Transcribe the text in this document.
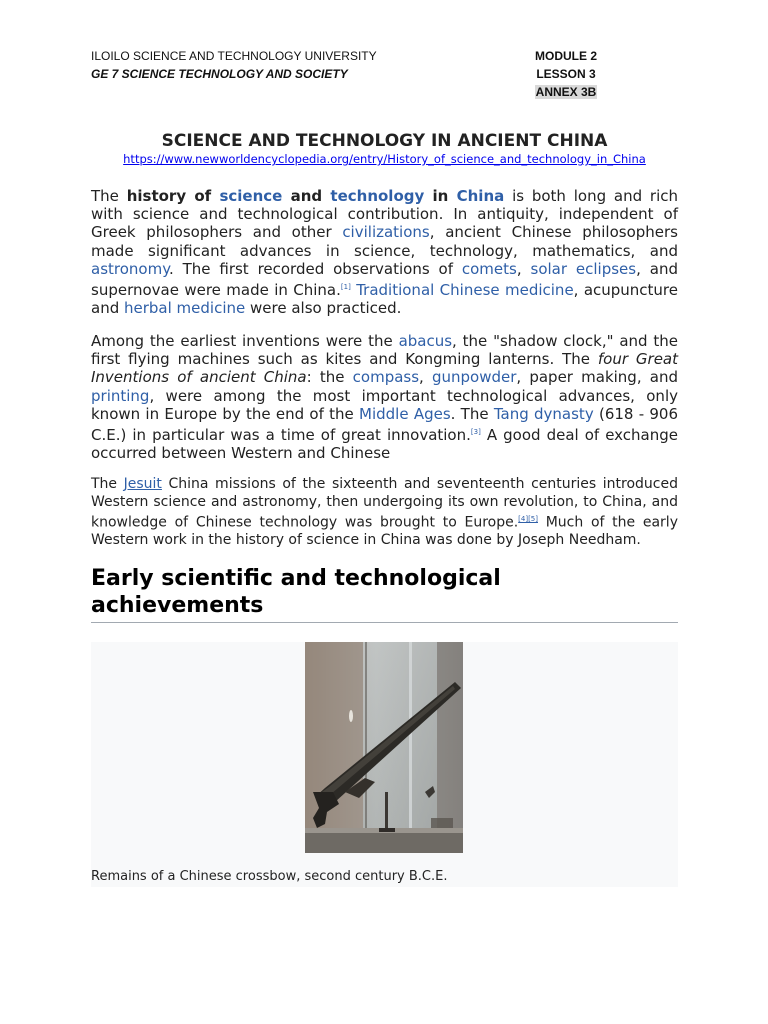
ILOILO SCIENCE AND TECHNOLOGY UNIVERSITY
GE 7 SCIENCE TECHNOLOGY AND SOCIETY
MODULE 2
LESSON 3
ANNEX 3B
SCIENCE AND TECHNOLOGY IN ANCIENT CHINA
https://www.newworldencyclopedia.org/entry/History_of_science_and_technology_in_China
The history of science and technology in China is both long and rich with science and technological contribution. In antiquity, independent of Greek philosophers and other civilizations, ancient Chinese philosophers made significant advances in science, technology, mathematics, and astronomy. The first recorded observations of comets, solar eclipses, and supernovae were made in China.[1] Traditional Chinese medicine, acupuncture and herbal medicine were also practiced.
Among the earliest inventions were the abacus, the "shadow clock," and the first flying machines such as kites and Kongming lanterns. The four Great Inventions of ancient China: the compass, gunpowder, paper making, and printing, were among the most important technological advances, only known in Europe by the end of the Middle Ages. The Tang dynasty (618 - 906 C.E.) in particular was a time of great innovation.[3] A good deal of exchange occurred between Western and Chinese
The Jesuit China missions of the sixteenth and seventeenth centuries introduced Western science and astronomy, then undergoing its own revolution, to China, and knowledge of Chinese technology was brought to Europe.[4][5] Much of the early Western work in the history of science in China was done by Joseph Needham.
Early scientific and technological achievements
Remains of a Chinese crossbow, second century B.C.E.
